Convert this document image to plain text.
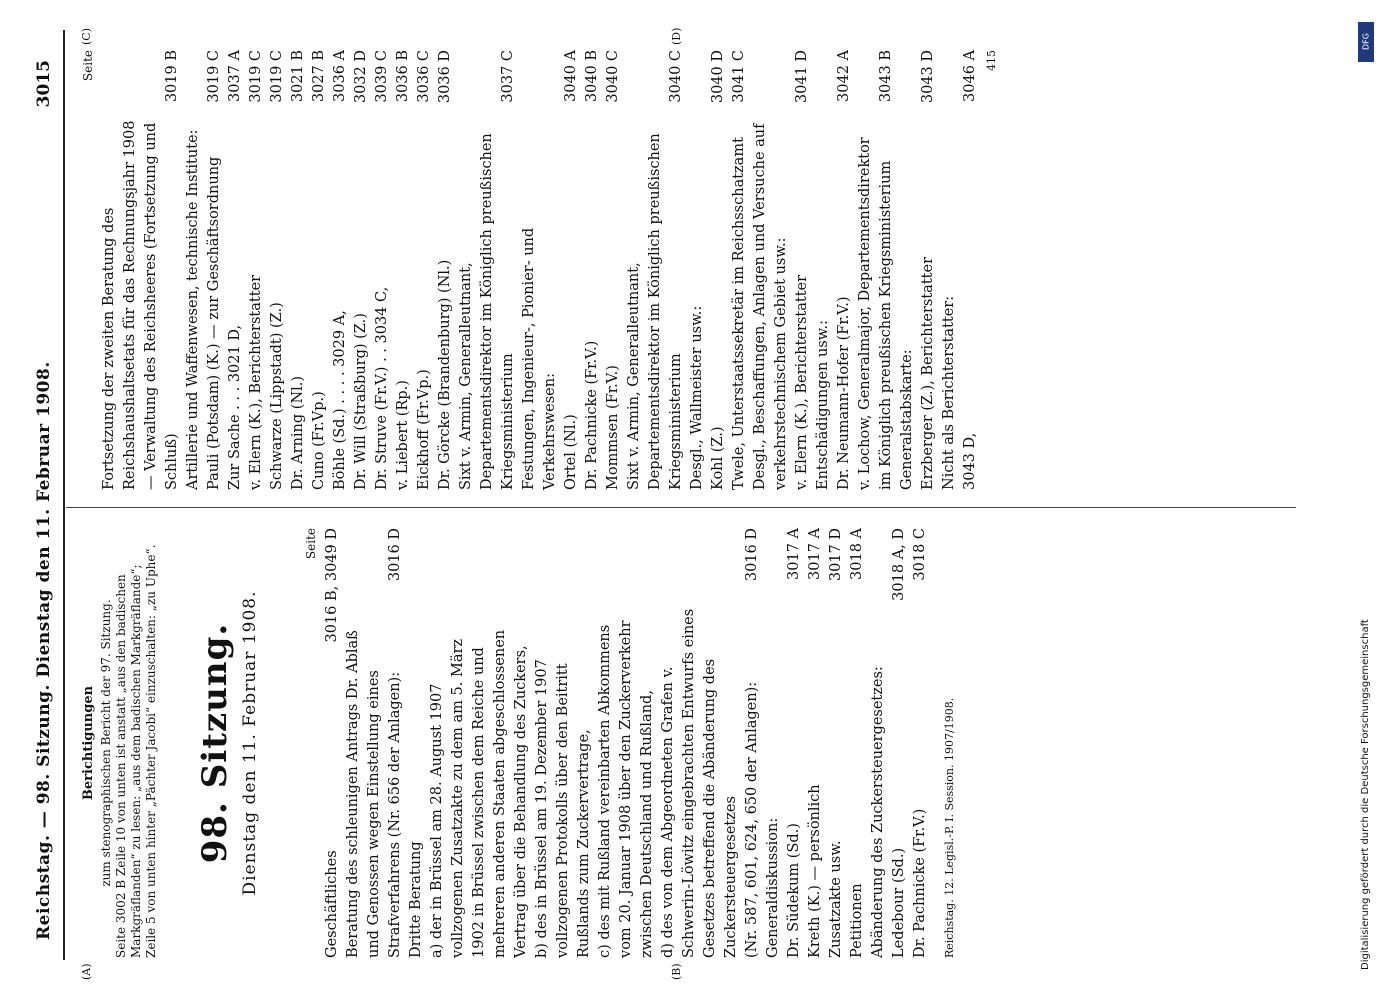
Reichstag. — 98. Sitzung. Dienstag den 11. Februar 1908.
3015
(A)	(B)
(C)	(D)
Berichtigungen zum stenographischen Bericht der 97. Sitzung. Seite 3002 B Zeile 10 von unten ist anstatt „aus den badischen Markgräflanden“ zu lesen: „aus dem badischen Markgräflande“; Zeile 5 von unten hinter „Pächter Jacobi“ einzuschalten: „zu Uphe“. 98. Sitzung. Dienstag den 11. Februar 1908.
Seite
Geschäftliches
3016 B, 3049 D
Beratung des schleunigen Antrags Dr. Ablaß und Genossen wegen Einstellung eines Strafverfahrens (Nr. 656 der Anlagen):
3016 D
Dritte Beratung a) der in Brüssel am 28. August 1907 vollzogenen Zusatzakte zu dem am 5. März 1902 in Brüssel zwischen dem Reiche und mehreren anderen Staaten abgeschlossenen Vertrag über die Behandlung des Zuckers, b) des in Brüssel am 19. Dezember 1907 vollzogenen Protokolls über den Beitritt Rußlands zum Zuckervertrage, c) des mit Rußland vereinbarten Abkommens vom 20. Januar 1908 über den Zuckerverkehr zwischen Deutschland und Rußland, d) des von dem Abgeordneten Grafen v. Schwerin-Löwitz eingebrachten Entwurfs eines Gesetzes betreffend die Abänderung des Zuckersteuergesetzes (Nr. 587, 601, 624, 650 der Anlagen):
3016 D
Generaldiskussion: Dr. Südekum (Sd.)
3017 A
Kreth (K.) — persönlich
3017 A
Zusatzakte usw.
3017 D
Petitionen
3018 A
Abänderung des Zuckersteuergesetzes: Ledebour (Sd.)
3018 A, D
Dr. Pachnicke (Fr.V.)
3018 C
Reichstag. 12. Legisl.-P. I. Session. 1907/1908.
Seite
Fortsetzung der zweiten Beratung des Reichshaushaltsetats für das Rechnungsjahr 1908 — Verwaltung des Reichsheeres (Fortsetzung und Schluß)
3019 B
Artillerie und Waffenwesen, technische Institute: Pauli (Potsdam) (K.) — zur Geschäftsordnung
3019 C
Zur Sache . . . 3021 D,
3037 A
v. Elern (K.), Berichterstatter
3019 C
Schwarze (Lippstadt) (Z.)
3019 C
Dr. Arning (Nl.)
3021 B
Cuno (Fr.Vp.)
3027 B
Böhle (Sd.) . . . . 3029 A,
3036 A
Dr. Will (Straßburg) (Z.)
3032 D
Dr. Struve (Fr.V.) . . 3034 C,
3039 C
v. Liebert (Rp.)
3036 B
Eickhoff (Fr.Vp.)
3036 C
Dr. Görcke (Brandenburg) (Nl.)
3036 D
Sixt v. Armin, Generalleutnant, Departementsdirektor im Königlich preußischen Kriegsministerium
3037 C
Festungen, Ingenieur-, Pionier- und Verkehrswesen: Ortel (Nl.)
3040 A
Dr. Pachnicke (Fr.V.)
3040 B
Mommsen (Fr.V.)
3040 C
Sixt v. Armin, Generalleutnant, Departementsdirektor im Königlich preußischen Kriegsministerium
3040 C
Desgl., Wallmeister usw.: Kohl (Z.)
3040 D
Twele, Unterstaatssekretär im Reichsschatzamt
3041 C
Desgl., Beschaffungen, Anlagen und Versuche auf verkehrstechnischem Gebiet usw.: v. Elern (K.), Berichterstatter
3041 D
Entschädigungen usw.: Dr. Neumann-Hofer (Fr.V.)
3042 A
v. Lochow, Generalmajor, Departementsdirektor im Königlich preußischen Kriegsministerium
3043 B
Generalstabskarte: Erzberger (Z.), Berichterstatter
3043 D
Nicht als Berichterstatter: 3043 D,
3046 A 415
DFG
Digitalisierung gefördert durch die Deutsche Forschungsgemeinschaft
